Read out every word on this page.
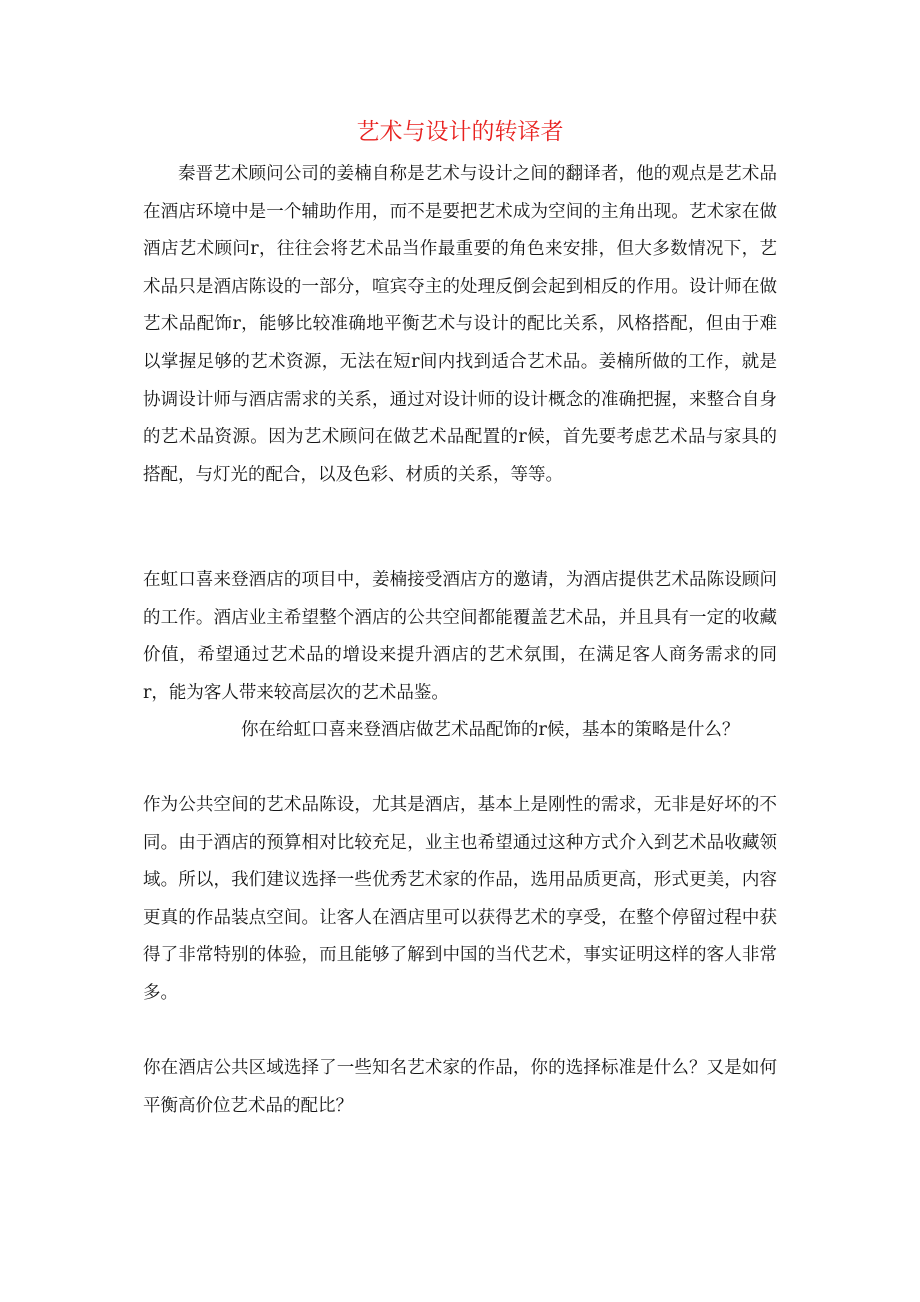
艺术与设计的转译者

秦晋艺术顾问公司的姜楠自称是艺术与设计之间的翻译者，他的观点是艺术品在酒店环境中是一个辅助作用，而不是要把艺术成为空间的主角出现。艺术家在做酒店艺术顾问r，往往会将艺术品当作最重要的角色来安排，但大多数情况下，艺术品只是酒店陈设的一部分，喧宾夺主的处理反倒会起到相反的作用。设计师在做艺术品配饰r，能够比较准确地平衡艺术与设计的配比关系，风格搭配，但由于难以掌握足够的艺术资源，无法在短r间内找到适合艺术品。姜楠所做的工作，就是协调设计师与酒店需求的关系，通过对设计师的设计概念的准确把握，来整合自身的艺术品资源。因为艺术顾问在做艺术品配置的r候，首先要考虑艺术品与家具的搭配，与灯光的配合，以及色彩、材质的关系，等等。

在虹口喜来登酒店的项目中，姜楠接受酒店方的邀请，为酒店提供艺术品陈设顾问的工作。酒店业主希望整个酒店的公共空间都能覆盖艺术品，并且具有一定的收藏价值，希望通过艺术品的增设来提升酒店的艺术氛围，在满足客人商务需求的同r，能为客人带来较高层次的艺术品鉴。

你在给虹口喜来登酒店做艺术品配饰的r候，基本的策略是什么？

作为公共空间的艺术品陈设，尤其是酒店，基本上是刚性的需求，无非是好坏的不同。由于酒店的预算相对比较充足，业主也希望通过这种方式介入到艺术品收藏领域。所以，我们建议选择一些优秀艺术家的作品，选用品质更高，形式更美，内容更真的作品装点空间。让客人在酒店里可以获得艺术的享受，在整个停留过程中获得了非常特别的体验，而且能够了解到中国的当代艺术，事实证明这样的客人非常多。

你在酒店公共区域选择了一些知名艺术家的作品，你的选择标准是什么？又是如何平衡高价位艺术品的配比？
